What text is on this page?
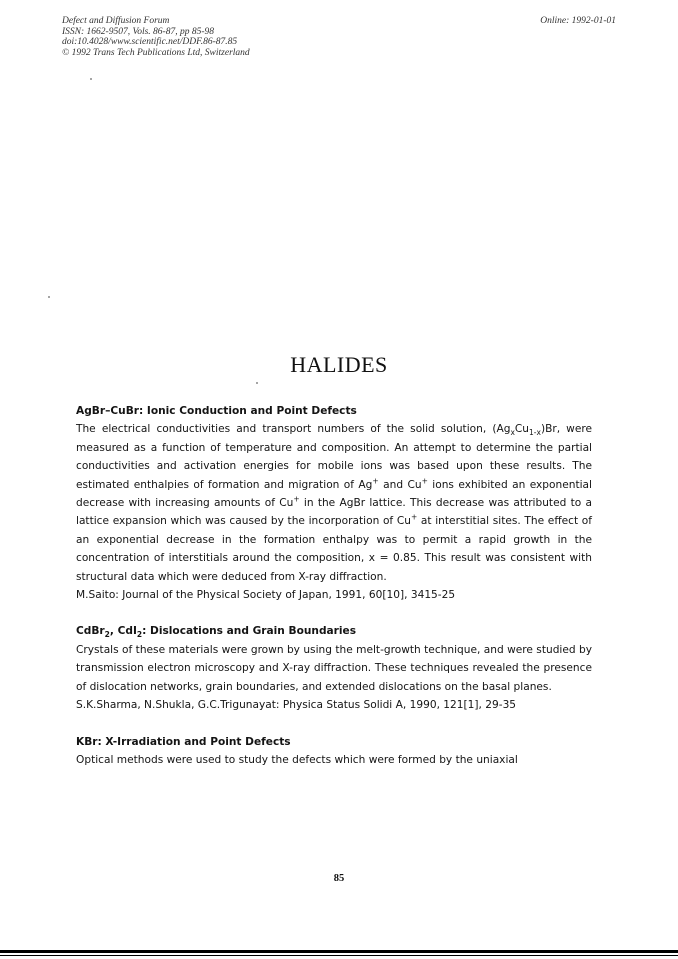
Defect and Diffusion Forum
ISSN: 1662-9507, Vols. 86-87, pp 85-98
doi:10.4028/www.scientific.net/DDF.86-87.85
© 1992 Trans Tech Publications Ltd, Switzerland
Online: 1992-01-01
HALIDES
AgBr–CuBr: Ionic Conduction and Point Defects
The electrical conductivities and transport numbers of the solid solution, $(Ag_xCu_{1-x})Br$, were measured as a function of temperature and composition. An attempt to determine the partial conductivities and activation energies for mobile ions was based upon these results. The estimated enthalpies of formation and migration of Ag+ and Cu+ ions exhibited an exponential decrease with increasing amounts of Cu+ in the AgBr lattice. This decrease was attributed to a lattice expansion which was caused by the incorporation of Cu+ at interstitial sites. The effect of an exponential decrease in the formation enthalpy was to permit a rapid growth in the concentration of interstitials around the composition, x = 0.85. This result was consistent with structural data which were deduced from X-ray diffraction.
M.Saito: Journal of the Physical Society of Japan, 1991, 60[10], 3415-25
CdBr$_2$, CdI$_2$: Dislocations and Grain Boundaries
Crystals of these materials were grown by using the melt-growth technique, and were studied by transmission electron microscopy and X-ray diffraction. These techniques revealed the presence of dislocation networks, grain boundaries, and extended dislocations on the basal planes.
S.K.Sharma, N.Shukla, G.C.Trigunayat: Physica Status Solidi A, 1990, 121[1], 29-35
KBr: X-Irradiation and Point Defects
Optical methods were used to study the defects which were formed by the uniaxial
85
